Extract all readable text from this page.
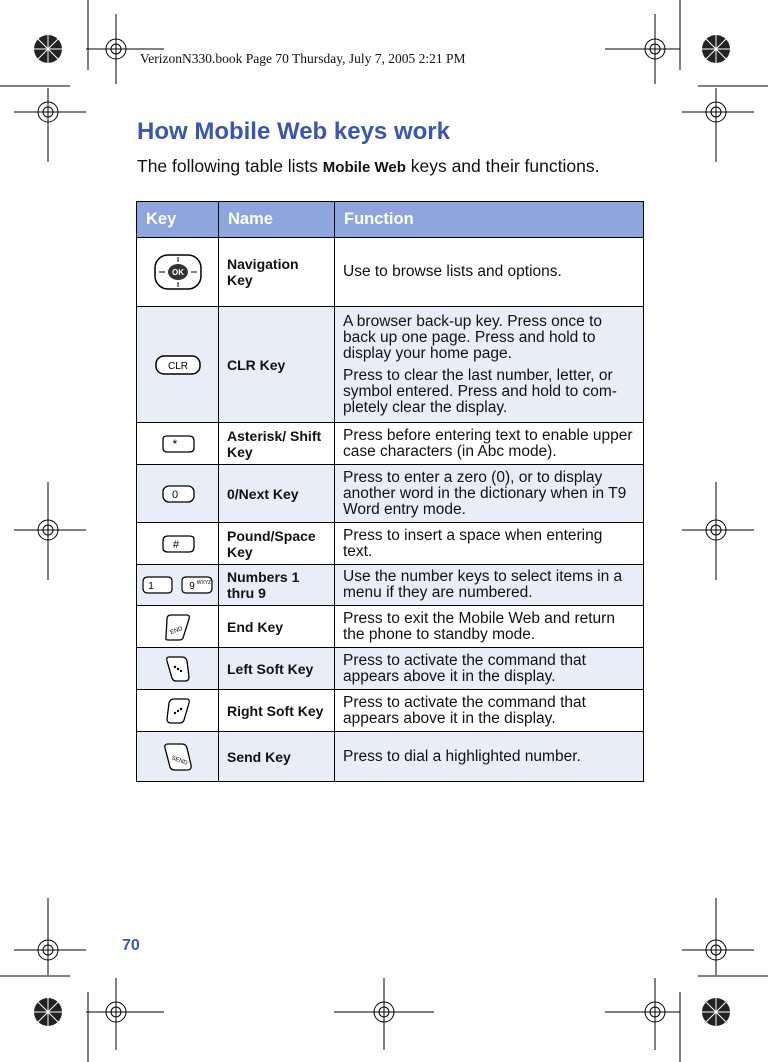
VerizonN330.book Page 70 Thursday, July 7, 2005 2:21 PM
How Mobile Web keys work
The following table lists Mobile Web keys and their functions.
Key	Name	Function

OK	Navigation Key	Use to browse lists and options.

CLR	CLR Key	A browser back-up key. Press once to back up one page. Press and hold to display your home page.
Press to clear the last number, letter, or symbol entered. Press and hold to com-pletely clear the display.

*	Asterisk/ Shift Key	Press before entering text to enable upper case characters (in Abc mode).

0	0/Next Key	Press to enter a zero (0), or to display another word in the dictionary when in T9 Word entry mode.

#	Pound/Space Key	Press to insert a space when entering text.

1 9 WXYZ	Numbers 1 thru 9	Use the number keys to select items in a menu if they are numbered.

END	End Key	Press to exit the Mobile Web and return the phone to standby mode.

	Left Soft Key	Press to activate the command that appears above it in the display.

	Right Soft Key	Press to activate the command that appears above it in the display.

SEND	Send Key	Press to dial a highlighted number.
70
